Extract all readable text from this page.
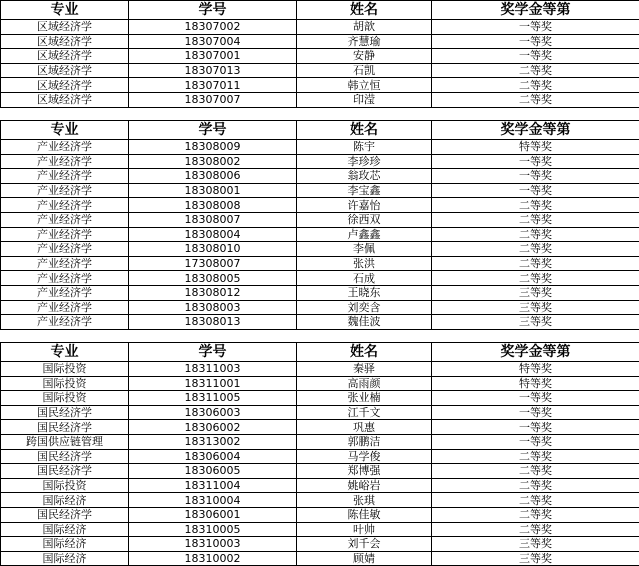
专业	学号	姓名	奖学金等第
区域经济学	18307002	胡歆	一等奖
区域经济学	18307004	齐慧瑜	一等奖
区域经济学	18307001	安静	一等奖
区域经济学	18307013	石凯	二等奖
区域经济学	18307011	韩立恒	二等奖
区域经济学	18307007	印滢	二等奖
专业	学号	姓名	奖学金等第
产业经济学	18308009	陈宇	特等奖
产业经济学	18308002	李珍珍	一等奖
产业经济学	18308006	翁玫芯	一等奖
产业经济学	18308001	李宝鑫	一等奖
产业经济学	18308008	许嘉怡	二等奖
产业经济学	18308007	徐西双	二等奖
产业经济学	18308004	卢鑫鑫	二等奖
产业经济学	18308010	李佩	二等奖
产业经济学	17308007	张洪	二等奖
产业经济学	18308005	石成	二等奖
产业经济学	18308012	王晓东	三等奖
产业经济学	18308003	刘奕含	三等奖
产业经济学	18308013	魏佳波	三等奖
专业	学号	姓名	奖学金等第
国际投资	18311003	秦驿	特等奖
国际投资	18311001	高雨颜	特等奖
国际投资	18311005	张业楠	一等奖
国民经济学	18306003	江千文	一等奖
国民经济学	18306002	巩惠	一等奖
跨国供应链管理	18313002	郭鹏洁	一等奖
国民经济学	18306004	马学俊	二等奖
国民经济学	18306005	郑博强	二等奖
国际投资	18311004	姚峪岩	二等奖
国际经济	18310004	张琪	二等奖
国民经济学	18306001	陈佳敏	二等奖
国际经济	18310005	叶帅	二等奖
国际经济	18310003	刘千会	三等奖
国际经济	18310002	顾婧	三等奖
